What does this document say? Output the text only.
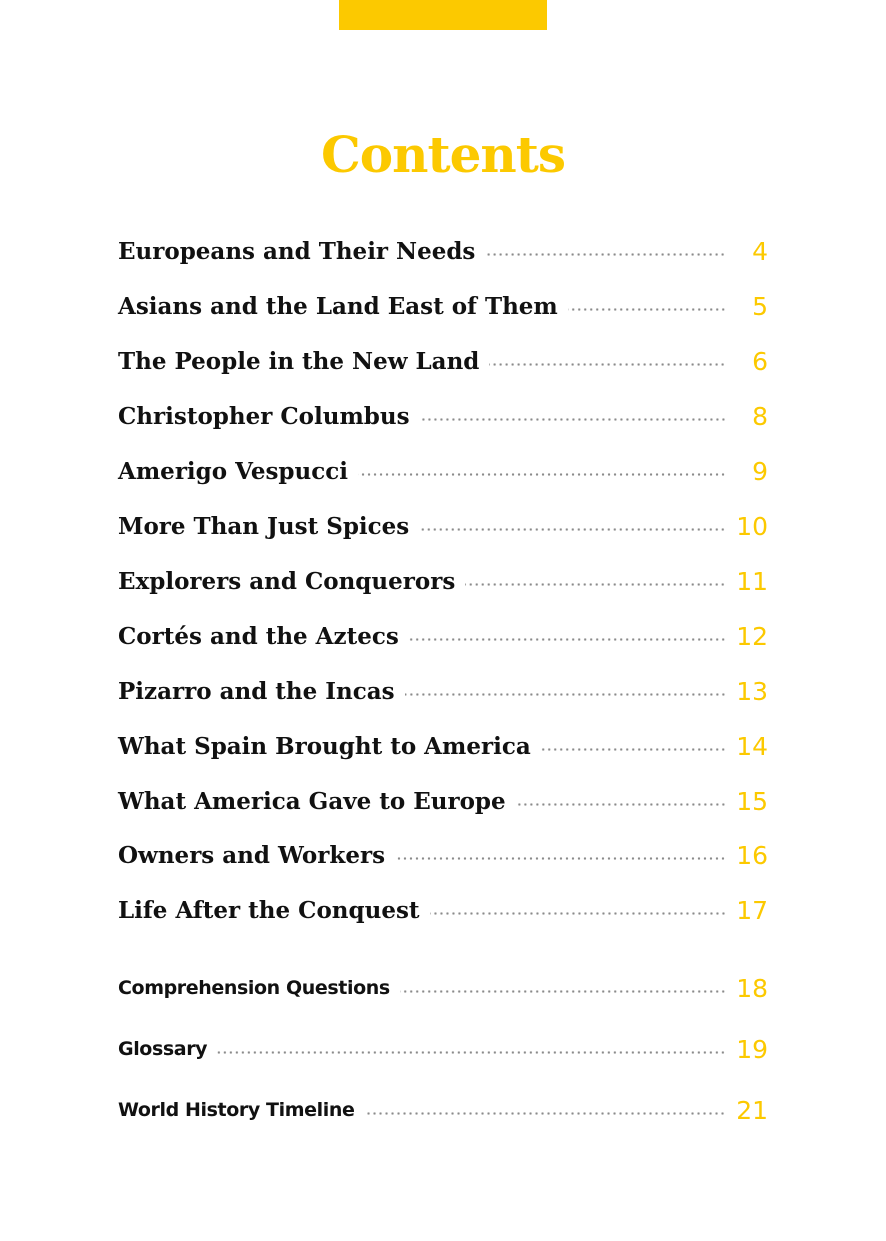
Contents
Europeans and Their Needs	4
Asians and the Land East of Them	5
The People in the New Land	6
Christopher Columbus	8
Amerigo Vespucci	9
More Than Just Spices	10
Explorers and Conquerors	11
Cortés and the Aztecs	12
Pizarro and the Incas	13
What Spain Brought to America	14
What America Gave to Europe	15
Owners and Workers	16
Life After the Conquest	17
Comprehension Questions	18
Glossary	19
World History Timeline	21
